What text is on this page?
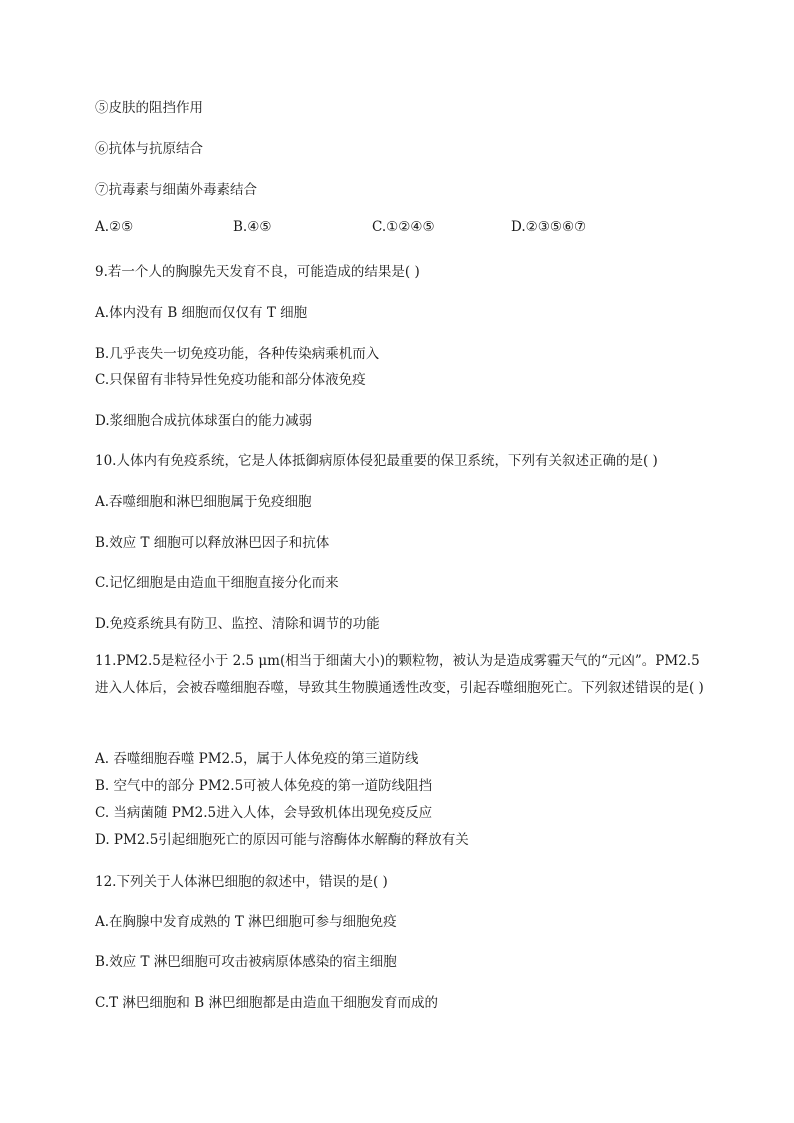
⑤皮肤的阻挡作用
⑥抗体与抗原结合
⑦抗毒素与细菌外毒素结合
A.②⑤	B.④⑤	C.①②④⑤	D.②③⑤⑥⑦
9.若一个人的胸腺先天发育不良，可能造成的结果是( )
A.体内没有 B 细胞而仅仅有 T 细胞
B.几乎丧失一切免疫功能，各种传染病乘机而入
C.只保留有非特异性免疫功能和部分体液免疫
D.浆细胞合成抗体球蛋白的能力减弱
10.人体内有免疫系统，它是人体抵御病原体侵犯最重要的保卫系统，下列有关叙述正确的是( )
A.吞噬细胞和淋巴细胞属于免疫细胞
B.效应 T 细胞可以释放淋巴因子和抗体
C.记忆细胞是由造血干细胞直接分化而来
D.免疫系统具有防卫、监控、清除和调节的功能
11.PM2.5是粒径小于 2.5 μm(相当于细菌大小)的颗粒物，被认为是造成雾霾天气的“元凶”。PM2.5进入人体后，会被吞噬细胞吞噬，导致其生物膜通透性改变，引起吞噬细胞死亡。下列叙述错误的是( )
A. 吞噬细胞吞噬 PM2.5，属于人体免疫的第三道防线
B. 空气中的部分 PM2.5可被人体免疫的第一道防线阻挡
C. 当病菌随 PM2.5进入人体，会导致机体出现免疫反应
D. PM2.5引起细胞死亡的原因可能与溶酶体水解酶的释放有关
12.下列关于人体淋巴细胞的叙述中，错误的是( )
A.在胸腺中发育成熟的 T 淋巴细胞可参与细胞免疫
B.效应 T 淋巴细胞可攻击被病原体感染的宿主细胞
C.T 淋巴细胞和 B 淋巴细胞都是由造血干细胞发育而成的
